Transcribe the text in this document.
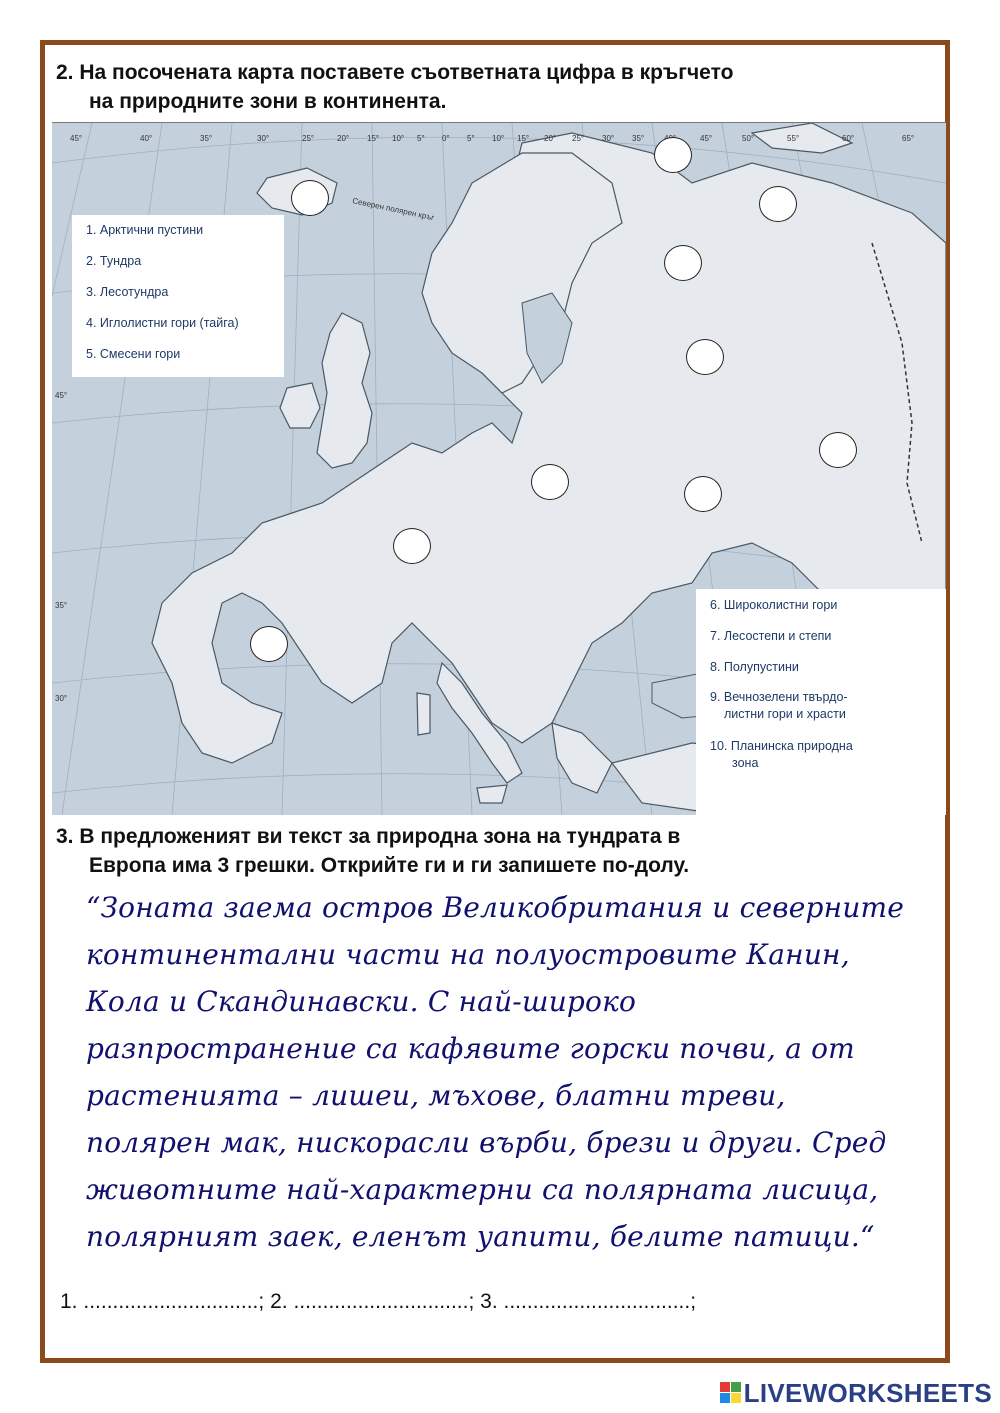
2. На посочената карта поставете съответната цифра в кръгчето
на природните зони в континента.
Северен полярен кръг
45°	40°	35°	30°	25°	20° 15° 10° 5° 0° 5° 10° 15° 20° 25° 30° 35°	45°	50°	55°	60°	65°
45°
35°
30°
1. Арктични пустини
2. Тундра
3. Лесотундра
4. Иглолистни гори (тайга)
5. Смесени гори
6. Широколистни гори
7. Лесостепи и степи
8. Полупустини
9. Вечнозелени твърдо-
листни гори и храсти
10. Планинска природна
зона
3. В предложеният ви текст за природна зона на тундрата в
Европа има 3 грешки. Открийте ги и ги запишете по-долу.
“Зоната заема остров Великобритания и северните
континентални части на полуостровите Канин,
Кола и Скандинавски. С най-широко
разпространение са кафявите горски почви, а от
растенията – лишеи, мъхове, блатни треви,
полярен мак, нискорасли върби, брези и други. Сред
животните най-характерни са полярната лисица,
полярният заек, еленът уапити, белите патици.“
1. ..............................; 2. ..............................; 3. ................................;
LIVEWORKSHEETS
